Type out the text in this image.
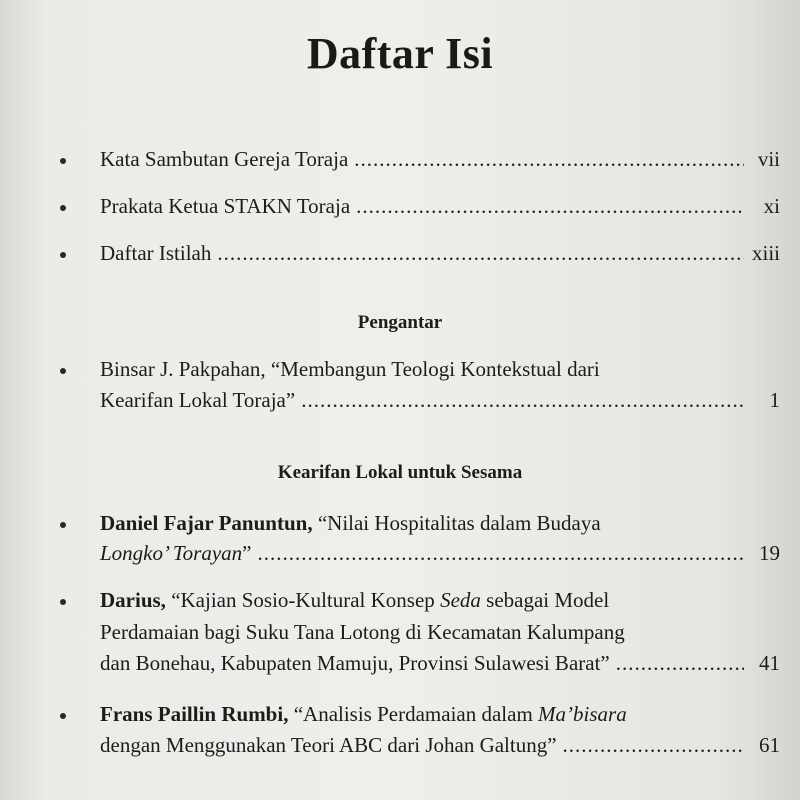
Daftar Isi
Kata Sambutan Gereja Toraja .....	vii
Prakata Ketua STAKN Toraja .....	xi
Daftar Istilah .....	xiii
Pengantar
Binsar J. Pakpahan, “Membangun Teologi Kontekstual dari
Kearifan Lokal Toraja” .....	1
Kearifan Lokal untuk Sesama
Daniel Fajar Panuntun, “Nilai Hospitalitas dalam Budaya
Longko’ Torayan” .....	19
Darius, “Kajian Sosio-Kultural Konsep Seda sebagai Model
Perdamaian bagi Suku Tana Lotong di Kecamatan Kalumpang
dan Bonehau, Kabupaten Mamuju, Provinsi Sulawesi Barat” .....	41
Frans Paillin Rumbi, “Analisis Perdamaian dalam Ma’bisara
dengan Menggunakan Teori ABC dari Johan Galtung” .....	61
